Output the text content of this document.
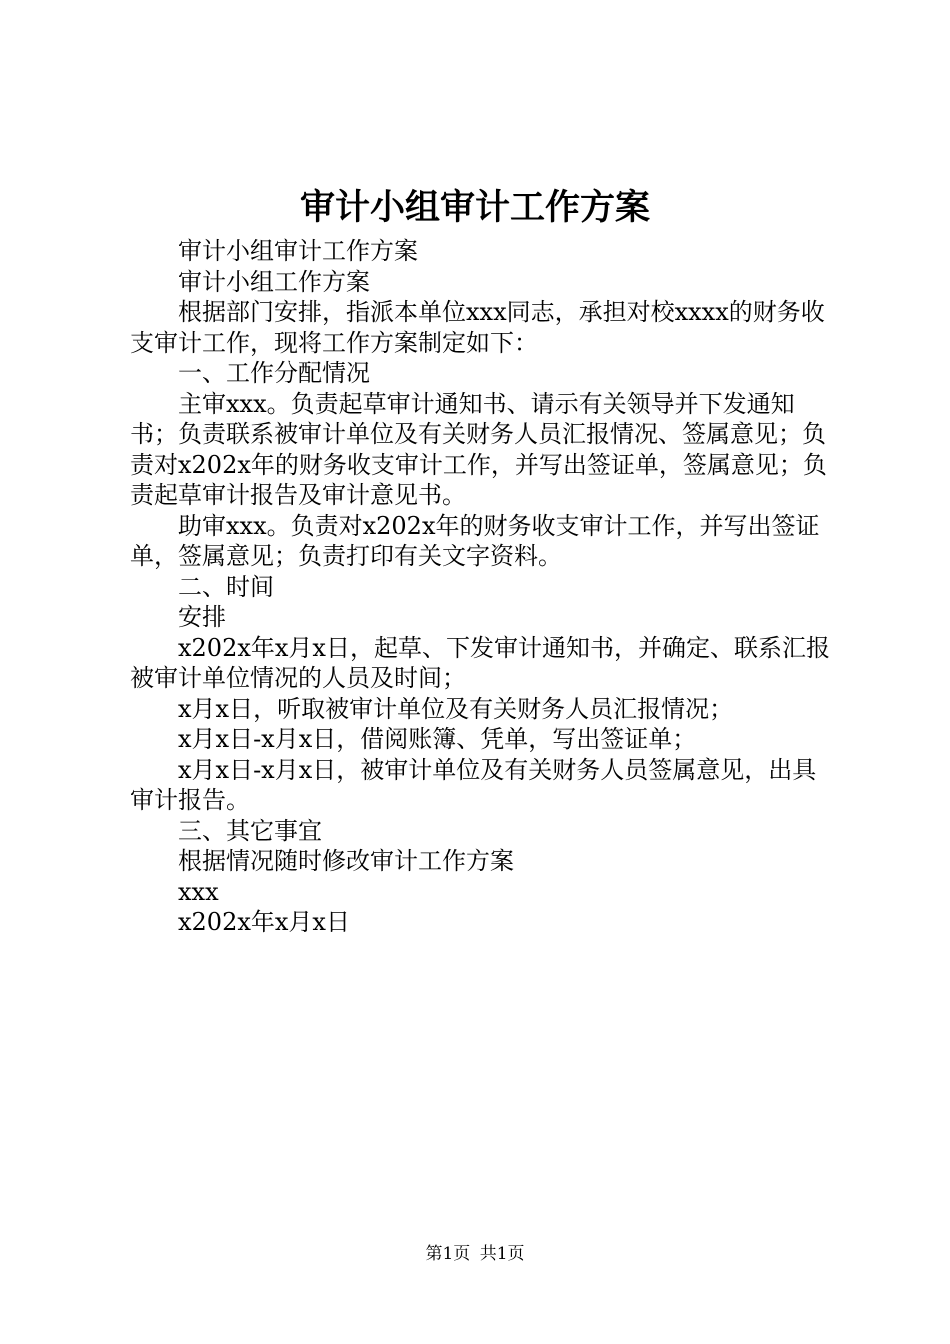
审计小组审计工作方案

审计小组审计工作方案

审计小组工作方案

根据部门安排，指派本单位xxx同志，承担对校xxxx的财务收支审计工作，现将工作方案制定如下：

一、工作分配情况

主审xxx。负责起草审计通知书、请示有关领导并下发通知书；负责联系被审计单位及有关财务人员汇报情况、签属意见；负责对x202x年的财务收支审计工作，并写出签证单，签属意见；负责起草审计报告及审计意见书。

助审xxx。负责对x202x年的财务收支审计工作，并写出签证单，签属意见；负责打印有关文字资料。

二、时间

安排

x202x年x月x日，起草、下发审计通知书，并确定、联系汇报被审计单位情况的人员及时间；

x月x日，听取被审计单位及有关财务人员汇报情况；

x月x日-x月x日，借阅账簿、凭单，写出签证单；

x月x日-x月x日，被审计单位及有关财务人员签属意见，出具审计报告。

三、其它事宜

根据情况随时修改审计工作方案

xxx

x202x年x月x日

第1页 共1页
